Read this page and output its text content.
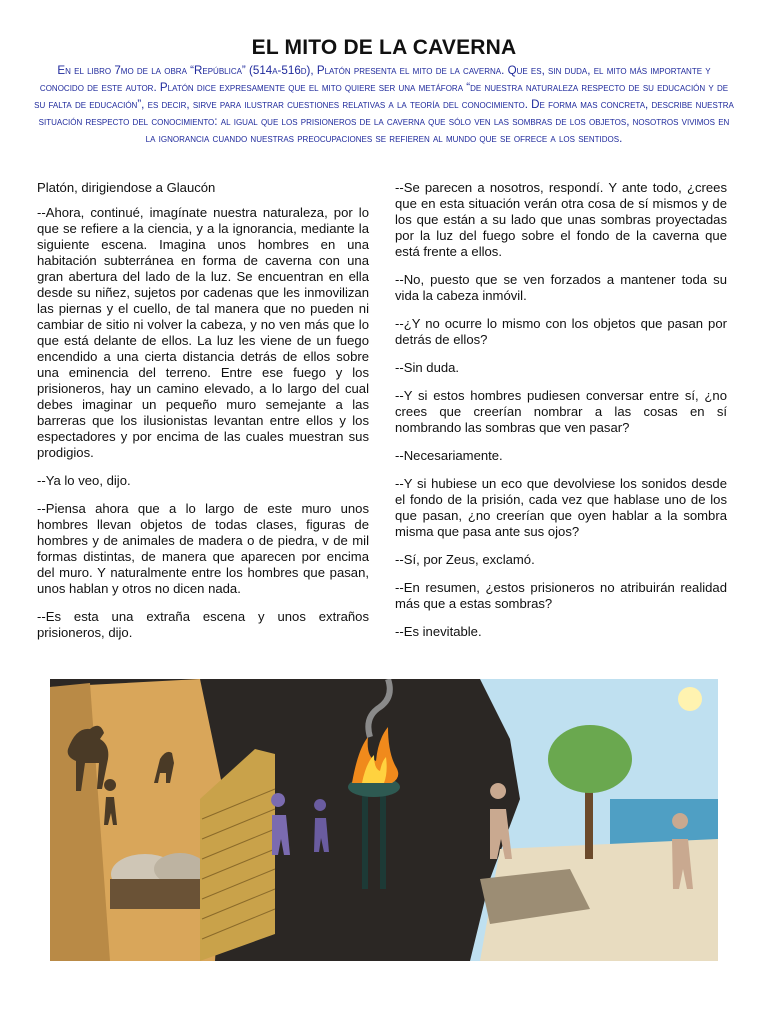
EL MITO DE LA CAVERNA
En el libro 7mo de la obra “República” (514a-516d), Platón presenta el mito de la caverna. Que es, sin duda, el mito más importante y conocido de este autor. Platón dice expresamente que el mito quiere ser una metáfora “de nuestra naturaleza respecto de su educación y de su falta de educación”, es decir, sirve para ilustrar cuestiones relativas a la teoría del conocimiento. De forma mas concreta, describe nuestra situación respecto del conocimiento: al igual que los prisioneros de la caverna que sólo ven las sombras de los objetos, nosotros vivimos en la ignorancia cuando nuestras preocupaciones se refieren al mundo que se ofrece a los sentidos.

Platón, dirigiendose a Glaucón

--Ahora, continué, imagínate nuestra naturaleza, por lo que se refiere a la ciencia, y a la ignorancia, mediante la siguiente escena. Imagina unos hombres en una habitación subterránea en forma de caverna con una gran abertura del lado de la luz. Se encuentran en ella desde su niñez, sujetos por cadenas que les inmovilizan las piernas y el cuello, de tal manera que no pueden ni cambiar de sitio ni volver la cabeza, y no ven más que lo que está delante de ellos. La luz les viene de un fuego encendido a una cierta distancia detrás de ellos sobre una eminencia del terreno. Entre ese fuego y los prisioneros, hay un camino elevado, a lo largo del cual debes imaginar un pequeño muro semejante a las barreras que los ilusionistas levantan entre ellos y los espectadores y por encima de las cuales muestran sus prodigios.

--Ya lo veo, dijo.

--Piensa ahora que a lo largo de este muro unos hombres llevan objetos de todas clases, figuras de hombres y de animales de madera o de piedra, v de mil formas distintas, de manera que aparecen por encima del muro. Y naturalmente entre los hombres que pasan, unos hablan y otros no dicen nada.

--Es esta una extraña escena y unos extraños prisioneros, dijo.

--Se parecen a nosotros, respondí. Y ante todo, ¿crees que en esta situación verán otra cosa de sí mismos y de los que están a su lado que unas sombras proyectadas por la luz del fuego sobre el fondo de la caverna que está frente a ellos.

--No, puesto que se ven forzados a mantener toda su vida la cabeza inmóvil.

--¿Y no ocurre lo mismo con los objetos que pasan por detrás de ellos?

--Sin duda.

--Y si estos hombres pudiesen conversar entre sí, ¿no crees que creerían nombrar a las cosas en sí nombrando las sombras que ven pasar?

--Necesariamente.

--Y si hubiese un eco que devolviese los sonidos desde el fondo de la prisión, cada vez que hablase uno de los que pasan, ¿no creerían que oyen hablar a la sombra misma que pasa ante sus ojos?

--Sí, por Zeus, exclamó.

--En resumen, ¿estos prisioneros no atribuirán realidad más que a estas sombras?

--Es inevitable.
